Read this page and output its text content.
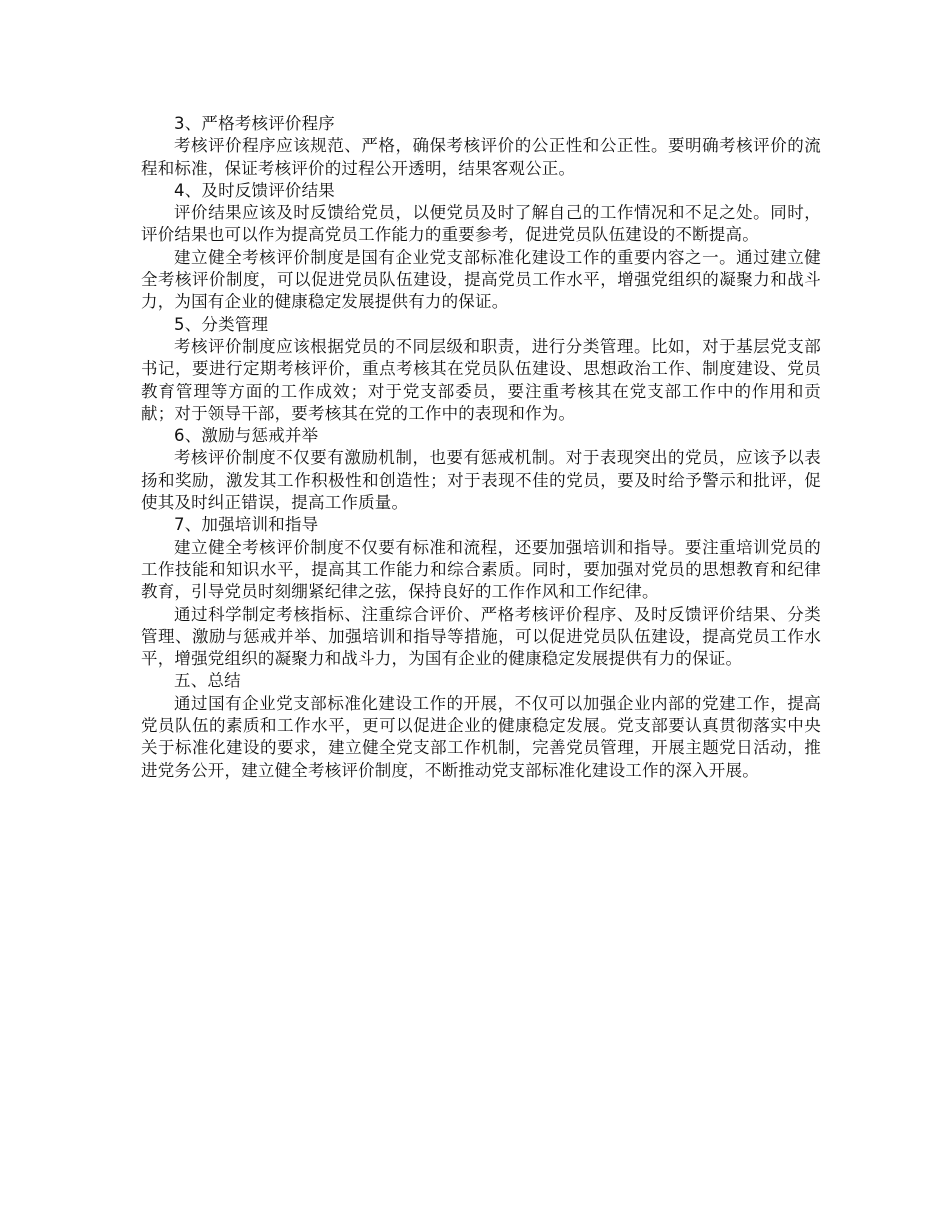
3、严格考核评价程序

考核评价程序应该规范、严格，确保考核评价的公正性和公正性。要明确考核评价的流程和标准，保证考核评价的过程公开透明，结果客观公正。

4、及时反馈评价结果

评价结果应该及时反馈给党员，以便党员及时了解自己的工作情况和不足之处。同时，评价结果也可以作为提高党员工作能力的重要参考，促进党员队伍建设的不断提高。

建立健全考核评价制度是国有企业党支部标准化建设工作的重要内容之一。通过建立健全考核评价制度，可以促进党员队伍建设，提高党员工作水平，增强党组织的凝聚力和战斗力，为国有企业的健康稳定发展提供有力的保证。

5、分类管理

考核评价制度应该根据党员的不同层级和职责，进行分类管理。比如，对于基层党支部书记，要进行定期考核评价，重点考核其在党员队伍建设、思想政治工作、制度建设、党员教育管理等方面的工作成效；对于党支部委员，要注重考核其在党支部工作中的作用和贡献；对于领导干部，要考核其在党的工作中的表现和作为。

6、激励与惩戒并举

考核评价制度不仅要有激励机制，也要有惩戒机制。对于表现突出的党员，应该予以表扬和奖励，激发其工作积极性和创造性；对于表现不佳的党员，要及时给予警示和批评，促使其及时纠正错误，提高工作质量。

7、加强培训和指导

建立健全考核评价制度不仅要有标准和流程，还要加强培训和指导。要注重培训党员的工作技能和知识水平，提高其工作能力和综合素质。同时，要加强对党员的思想教育和纪律教育，引导党员时刻绷紧纪律之弦，保持良好的工作作风和工作纪律。

通过科学制定考核指标、注重综合评价、严格考核评价程序、及时反馈评价结果、分类管理、激励与惩戒并举、加强培训和指导等措施，可以促进党员队伍建设，提高党员工作水平，增强党组织的凝聚力和战斗力，为国有企业的健康稳定发展提供有力的保证。

五、总结

通过国有企业党支部标准化建设工作的开展，不仅可以加强企业内部的党建工作，提高党员队伍的素质和工作水平，更可以促进企业的健康稳定发展。党支部要认真贯彻落实中央关于标准化建设的要求，建立健全党支部工作机制，完善党员管理，开展主题党日活动，推进党务公开，建立健全考核评价制度，不断推动党支部标准化建设工作的深入开展。
